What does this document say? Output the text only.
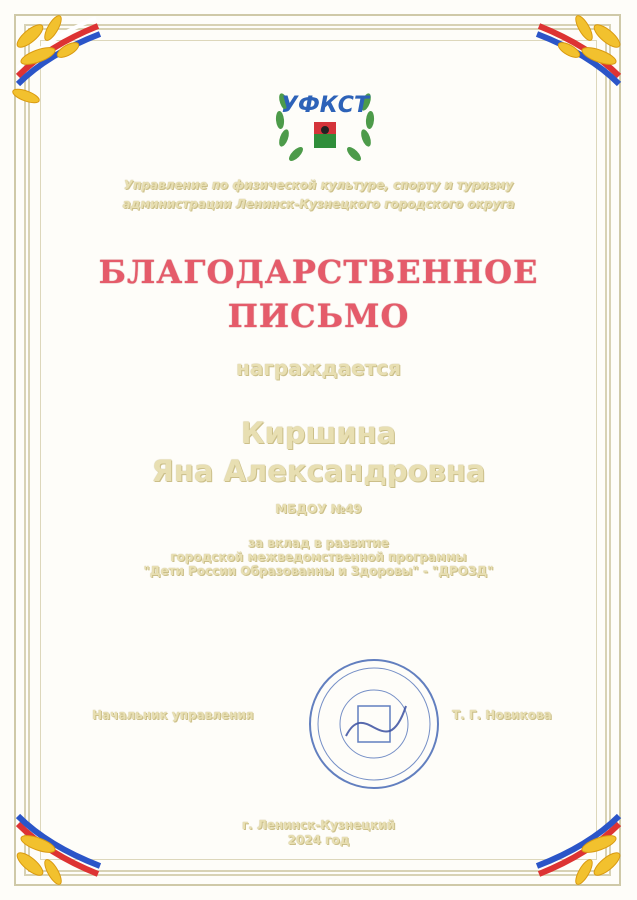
УФКСТ
Управление по физической культуре, спорту и туризму
администрации Ленинск-Кузнецкого городского округа
БЛАГОДАРСТВЕННОЕ
ПИСЬМО
награждается
Киршина
Яна Александровна
МБДОУ №49
за вклад в развитие
городской межведомственной программы
"Дети России Образованны и Здоровы" - "ДРОЗД"
Начальник управления	Т. Г. Новикова
г. Ленинск-Кузнецкий
2024 год
